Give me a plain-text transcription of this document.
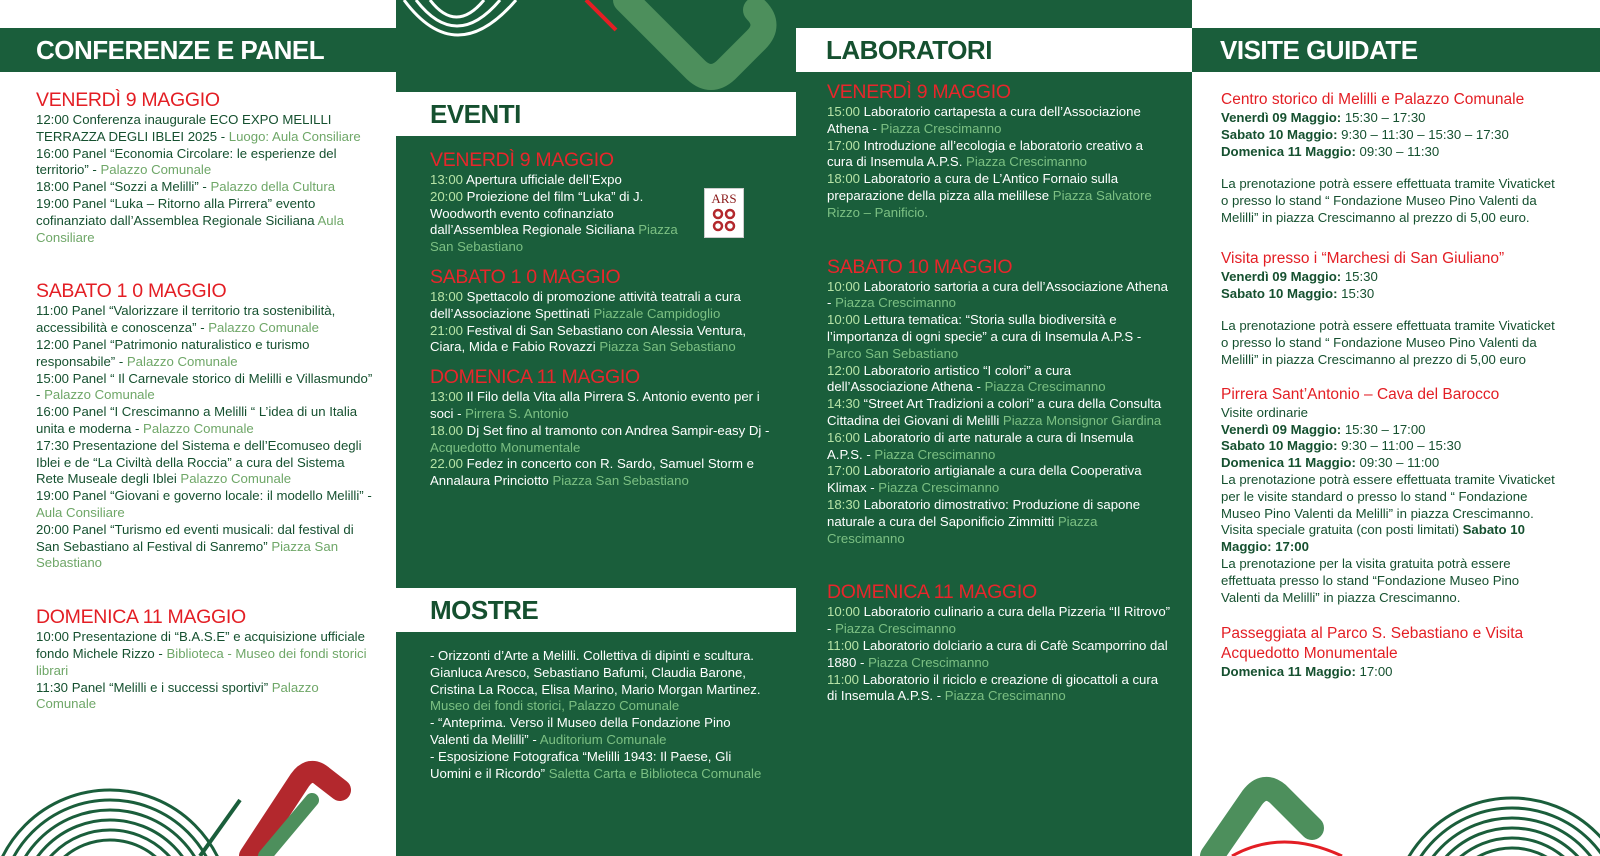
CONFERENZE E PANEL
VENERDÌ 9 MAGGIO

12:00 Conferenza inaugurale ECO EXPO MELILLI TERRAZZA DEGLI IBLEI 2025 - Luogo: Aula Consiliare

16:00 Panel “Economia Circolare: le esperienze del territorio” - Palazzo Comunale

18:00 Panel “Sozzi a Melilli” - Palazzo della Cultura

19:00 Panel “Luka – Ritorno alla Pirrera” evento cofinanziato dall’Assemblea Regionale Siciliana Aula Consiliare

SABATO 1 0 MAGGIO

11:00 Panel “Valorizzare il territorio tra sostenibilità, accessibilità e conoscenza” - Palazzo Comunale

12:00 Panel “Patrimonio naturalistico e turismo responsabile” - Palazzo Comunale

15:00 Panel “ Il Carnevale storico di Melilli e Villasmundo” - Palazzo Comunale

16:00 Panel “I Crescimanno a Melilli “ L’idea di un Italia unita e moderna - Palazzo Comunale

17:30 Presentazione del Sistema e dell’Ecomuseo degli Iblei e de “La Civiltà della Roccia” a cura del Sistema Rete Museale degli Iblei Palazzo Comunale

19:00 Panel “Giovani e governo locale: il modello Melilli” - Aula Consiliare

20:00 Panel “Turismo ed eventi musicali: dal festival di San Sebastiano al Festival di Sanremo” Piazza San Sebastiano

DOMENICA 11 MAGGIO

10:00 Presentazione di “B.A.S.E” e acquisizione ufficiale fondo Michele Rizzo - Biblioteca - Museo dei fondi storici librari

11:30 Panel “Melilli e i successi sportivi” Palazzo Comunale

EVENTI
VENERDÌ 9 MAGGIO

13:00 Apertura ufficiale dell’Expo

20:00 Proiezione del film “Luka” di J. Woodworth evento cofinanziato dall’Assemblea Regionale Siciliana Piazza San Sebastiano

SABATO 1 0 MAGGIO

18:00 Spettacolo di promozione attività teatrali a cura dell’Associazione Spettinati Piazzale Campidoglio

21:00 Festival di San Sebastiano con Alessia Ventura, Ciara, Mida e Fabio Rovazzi Piazza San Sebastiano

DOMENICA 11 MAGGIO

13:00 Il Filo della Vita alla Pirrera S. Antonio evento per i soci - Pirrera S. Antonio

18.00 Dj Set fino al tramonto con Andrea Sampir-easy Dj - Acquedotto Monumentale

22.00 Fedez in concerto con R. Sardo, Samuel Storm e Annalaura Princiotto Piazza San Sebastiano

MOSTRE

- Orizzonti d’Arte a Melilli. Collettiva di dipinti e scultura. Gianluca Aresco, Sebastiano Bafumi, Claudia Barone, Cristina La Rocca, Elisa Marino, Mario Morgan Martinez. Museo dei fondi storici, Palazzo Comunale

- “Anteprima. Verso il Museo della Fondazione Pino Valenti da Melilli” - Auditorium Comunale

- Esposizione Fotografica “Melilli 1943: Il Paese, Gli Uomini e il Ricordo” Saletta Carta e Biblioteca Comunale

ARS
LABORATORI
VENERDÌ 9 MAGGIO

15:00 Laboratorio cartapesta a cura dell’Associazione Athena - Piazza Crescimanno

17:00 Introduzione all’ecologia e laboratorio creativo a cura di Insemula A.P.S. Piazza Crescimanno

18:00 Laboratorio a cura de L’Antico Fornaio sulla preparazione della pizza alla melillese Piazza Salvatore Rizzo – Panificio.

SABATO 10 MAGGIO

10:00 Laboratorio sartoria a cura dell’Associazione Athena - Piazza Crescimanno

10:00 Lettura tematica: “Storia sulla biodiversità e l’importanza di ogni specie” a cura di Insemula A.P.S - Parco San Sebastiano

12:00 Laboratorio artistico “I colori” a cura dell’Associazione Athena - Piazza Crescimanno

14:30 “Street Art Tradizioni a colori” a cura della Consulta Cittadina dei Giovani di Melilli Piazza Monsignor Giardina

16:00 Laboratorio di arte naturale a cura di Insemula A.P.S. - Piazza Crescimanno

17:00 Laboratorio artigianale a cura della Cooperativa Klimax - Piazza Crescimanno

18:30 Laboratorio dimostrativo: Produzione di sapone naturale a cura del Saponificio Zimmitti Piazza Crescimanno

DOMENICA 11 MAGGIO

10:00 Laboratorio culinario a cura della Pizzeria “Il Ritrovo” - Piazza Crescimanno

11:00 Laboratorio dolciario a cura di Cafè Scamporrino dal 1880 - Piazza Crescimanno

11:00 Laboratorio il riciclo e creazione di giocattoli a cura di Insemula A.P.S. - Piazza Crescimanno

VISITE GUIDATE
Centro storico di Melilli e Palazzo Comunale

Venerdì 09 Maggio: 15:30 – 17:30

Sabato 10 Maggio: 9:30 – 11:30 – 15:30 – 17:30

Domenica 11 Maggio: 09:30 – 11:30

La prenotazione potrà essere effettuata tramite Vivaticket o presso lo stand “ Fondazione Museo Pino Valenti da Melilli” in piazza Crescimanno al prezzo di 5,00 euro.

Visita presso i “Marchesi di San Giuliano”

Venerdì 09 Maggio: 15:30

Sabato 10 Maggio: 15:30

La prenotazione potrà essere effettuata tramite Vivaticket o presso lo stand “ Fondazione Museo Pino Valenti da Melilli” in piazza Crescimanno al prezzo di 5,00 euro

Pirrera Sant’Antonio – Cava del Barocco

Visite ordinarie

Venerdì 09 Maggio: 15:30 – 17:00

Sabato 10 Maggio: 9:30 – 11:00 – 15:30

Domenica 11 Maggio: 09:30 – 11:00

La prenotazione potrà essere effettuata tramite Vivaticket per le visite standard o presso lo stand “ Fondazione Museo Pino Valenti da Melilli” in piazza Crescimanno.

Visita speciale gratuita (con posti limitati) Sabato 10 Maggio: 17:00

La prenotazione per la visita gratuita potrà essere effettuata presso lo stand “Fondazione Museo Pino Valenti da Melilli” in piazza Crescimanno.

Passeggiata al Parco S. Sebastiano e Visita Acquedotto Monumentale

Domenica 11 Maggio: 17:00
